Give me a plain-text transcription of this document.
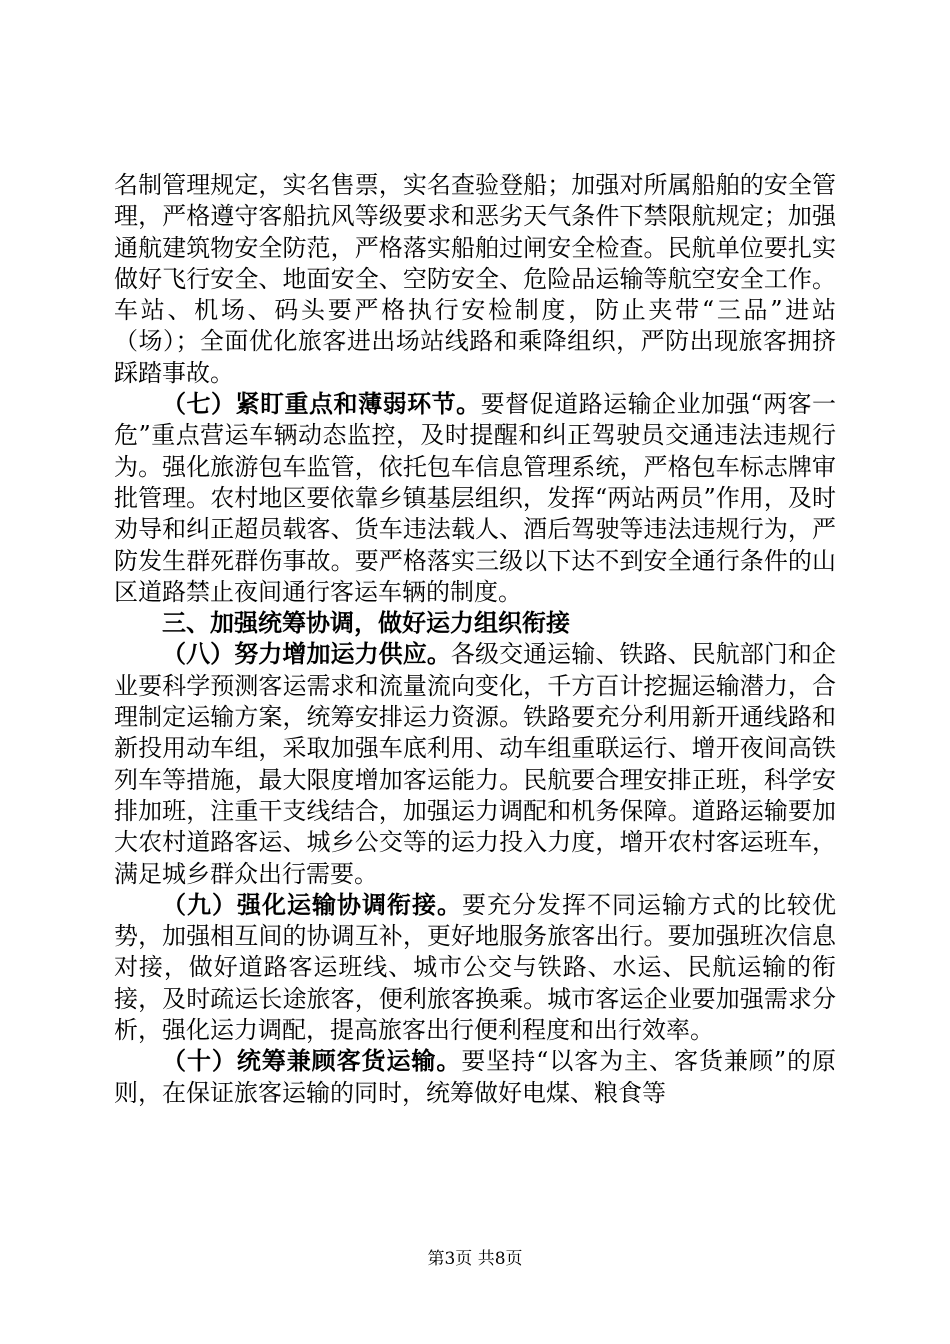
名制管理规定，实名售票，实名查验登船；加强对所属船舶的安全管理，严格遵守客船抗风等级要求和恶劣天气条件下禁限航规定；加强通航建筑物安全防范，严格落实船舶过闸安全检查。民航单位要扎实做好飞行安全、地面安全、空防安全、危险品运输等航空安全工作。车站、机场、码头要严格执行安检制度，防止夹带“三品”进站（场）；全面优化旅客进出场站线路和乘降组织，严防出现旅客拥挤踩踏事故。

（七）紧盯重点和薄弱环节。要督促道路运输企业加强“两客一危”重点营运车辆动态监控，及时提醒和纠正驾驶员交通违法违规行为。强化旅游包车监管，依托包车信息管理系统，严格包车标志牌审批管理。农村地区要依靠乡镇基层组织，发挥“两站两员”作用，及时劝导和纠正超员载客、货车违法载人、酒后驾驶等违法违规行为，严防发生群死群伤事故。要严格落实三级以下达不到安全通行条件的山区道路禁止夜间通行客运车辆的制度。

三、加强统筹协调，做好运力组织衔接

（八）努力增加运力供应。各级交通运输、铁路、民航部门和企业要科学预测客运需求和流量流向变化，千方百计挖掘运输潜力，合理制定运输方案，统筹安排运力资源。铁路要充分利用新开通线路和新投用动车组，采取加强车底利用、动车组重联运行、增开夜间高铁列车等措施，最大限度增加客运能力。民航要合理安排正班，科学安排加班，注重干支线结合，加强运力调配和机务保障。道路运输要加大农村道路客运、城乡公交等的运力投入力度，增开农村客运班车，满足城乡群众出行需要。

（九）强化运输协调衔接。要充分发挥不同运输方式的比较优势，加强相互间的协调互补，更好地服务旅客出行。要加强班次信息对接，做好道路客运班线、城市公交与铁路、水运、民航运输的衔接，及时疏运长途旅客，便利旅客换乘。城市客运企业要加强需求分析，强化运力调配，提高旅客出行便利程度和出行效率。

（十）统筹兼顾客货运输。要坚持“以客为主、客货兼顾”的原则，在保证旅客运输的同时，统筹做好电煤、粮食等

第3页 共8页
